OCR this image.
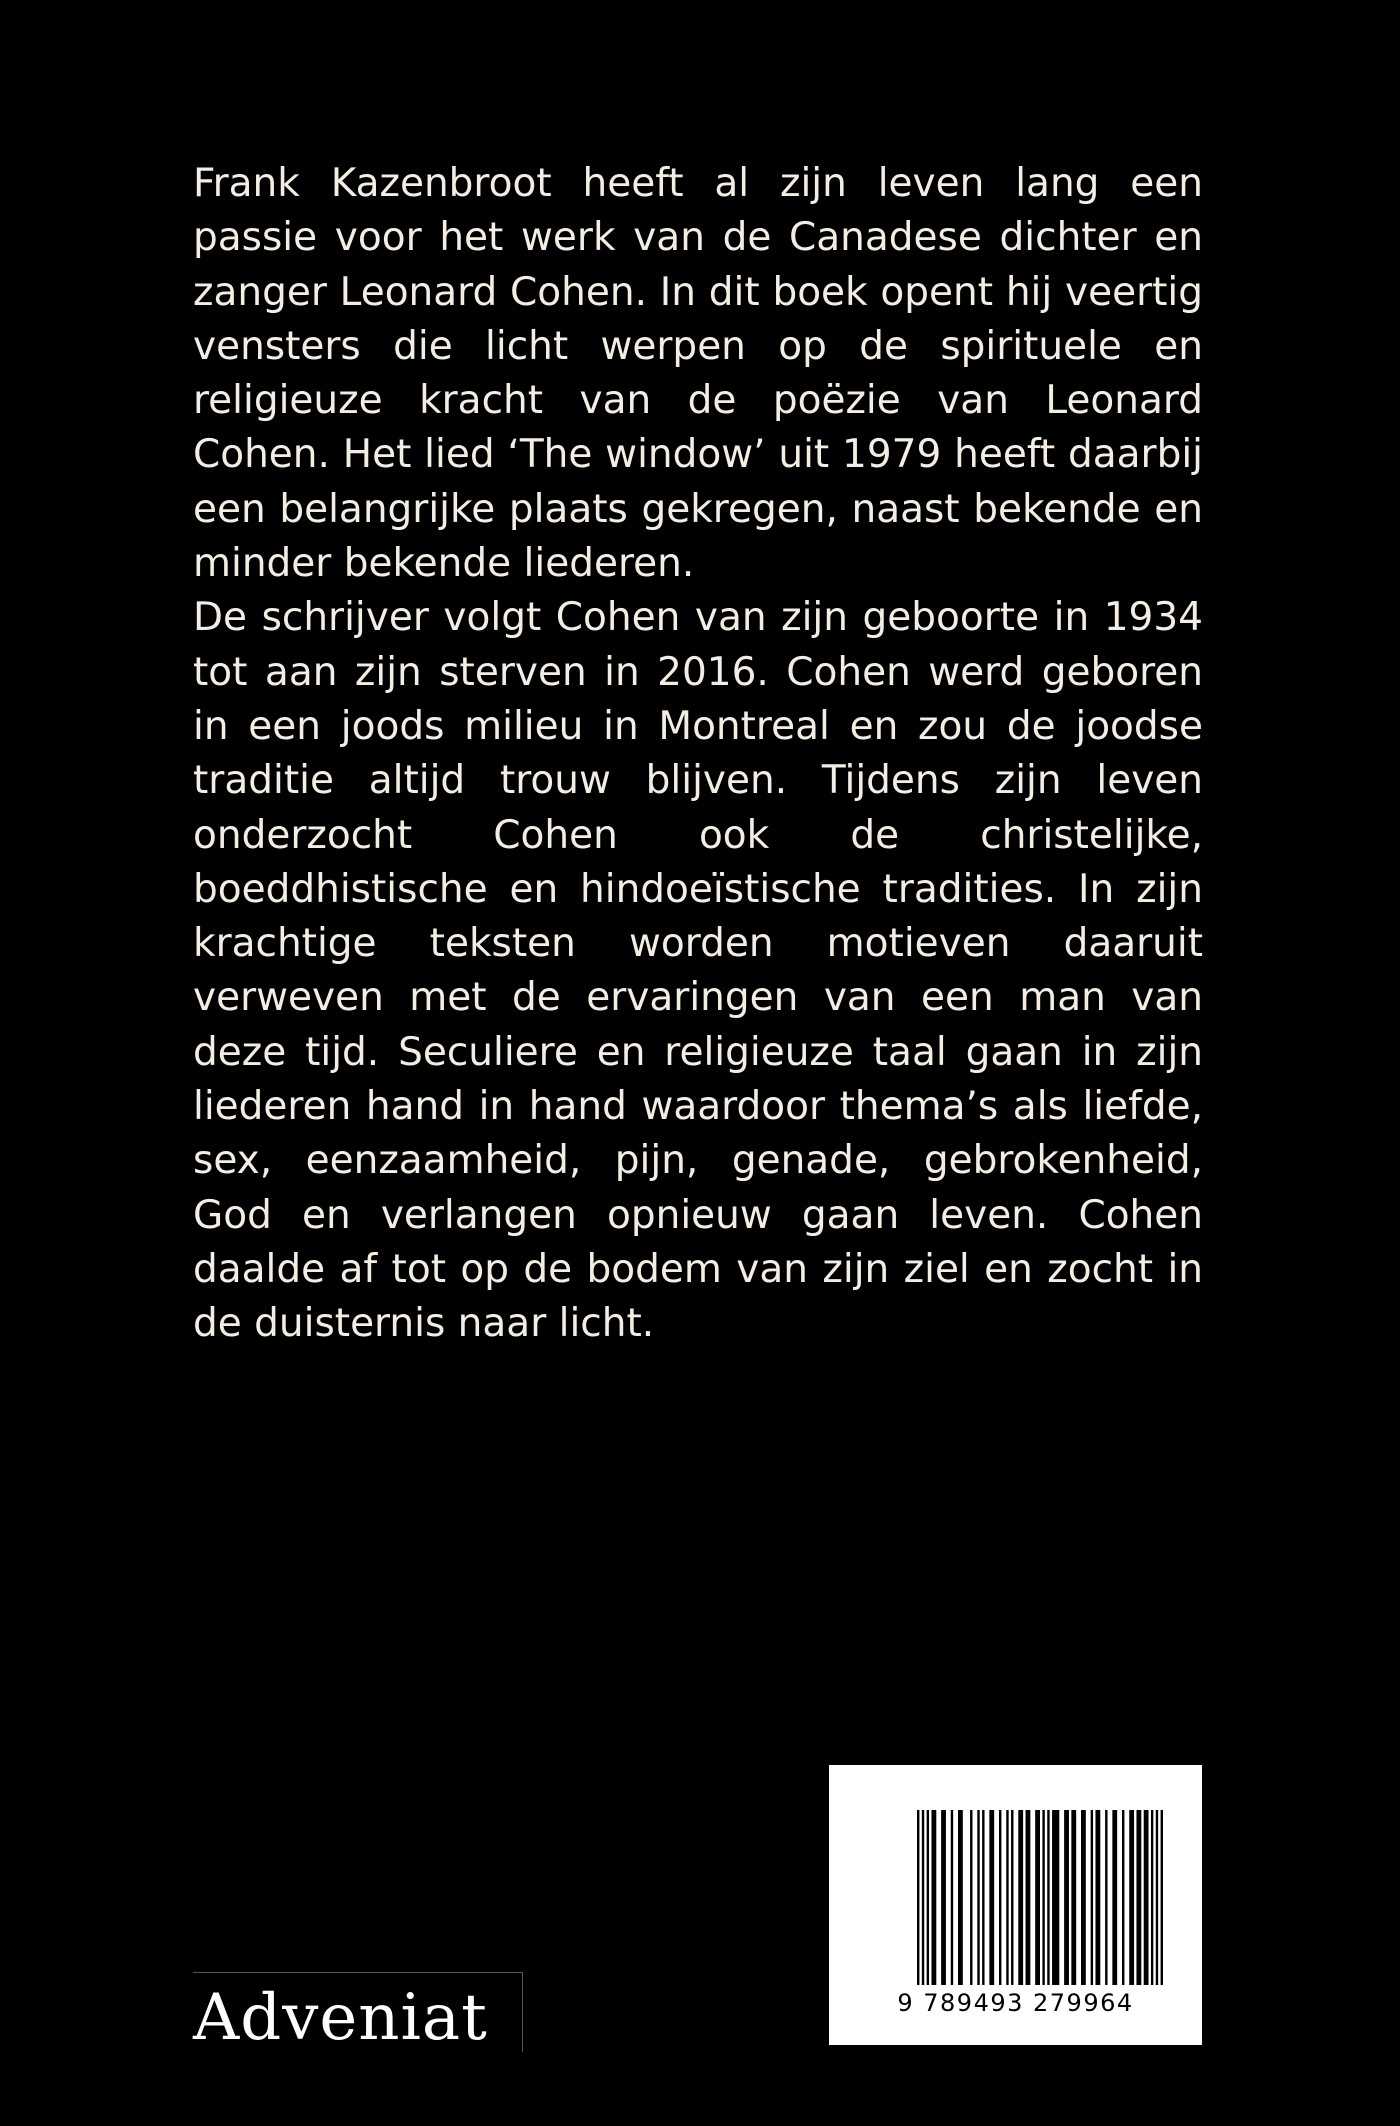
Frank Kazenbroot heeft al zijn leven lang een passie voor het werk van de Canadese dichter en zanger Leonard Cohen. In dit boek opent hij veertig vensters die licht werpen op de spirituele en religieuze kracht van de poëzie van Leonard Cohen. Het lied ‘The window’ uit 1979 heeft daarbij een belangrijke plaats gekregen, naast bekende en minder bekende liederen.

De schrijver volgt Cohen van zijn geboorte in 1934 tot aan zijn sterven in 2016. Cohen werd geboren in een joods milieu in Montreal en zou de joodse traditie altijd trouw blijven. Tijdens zijn leven onderzocht Cohen ook de christelijke, boeddhistische en hindoeïstische tradities. In zijn krachtige teksten worden motieven daaruit verweven met de ervaringen van een man van deze tijd. Seculiere en religieuze taal gaan in zijn liederen hand in hand waardoor thema’s als liefde, sex, eenzaamheid, pijn, genade, gebrokenheid, God en verlangen opnieuw gaan leven. Cohen daalde af tot op de bodem van zijn ziel en zocht in de duisternis naar licht.

Adveniat	9 789493 279964
